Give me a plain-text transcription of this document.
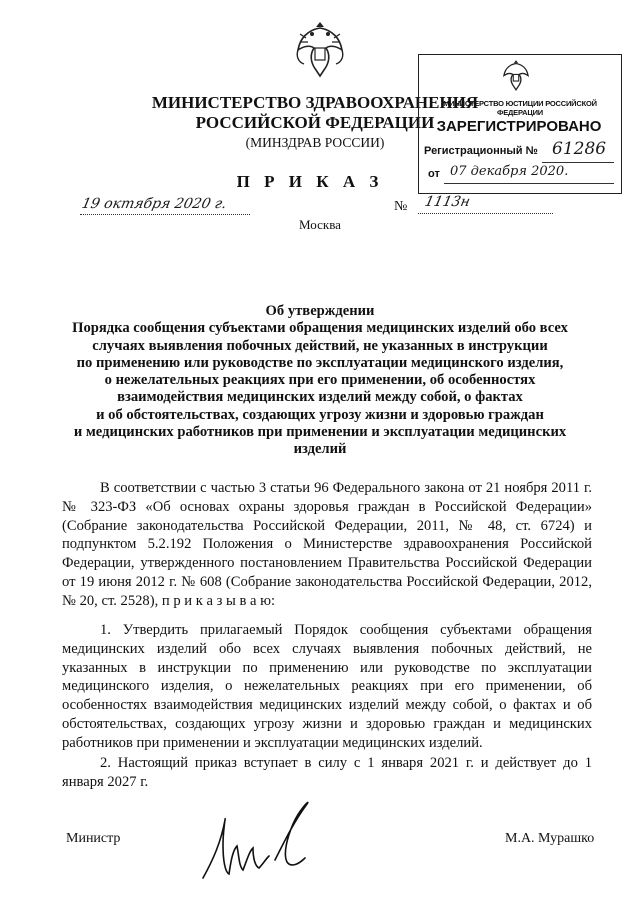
МИНИСТЕРСТВО ЗДРАВООХРАНЕНИЯ
РОССИЙСКОЙ ФЕДЕРАЦИИ
(МИНЗДРАВ РОССИИ)
П Р И К А З
19 октября 2020 г.	№ 1113н
Москва
МИНИСТЕРСТВО ЮСТИЦИИ РОССИЙСКОЙ ФЕДЕРАЦИИ
ЗАРЕГИСТРИРОВАНО
Регистрационный № 61286
от 07 декабря 2020.
Об утверждении
Порядка сообщения субъектами обращения медицинских изделий обо всех
случаях выявления побочных действий, не указанных в инструкции
по применению или руководстве по эксплуатации медицинского изделия,
о нежелательных реакциях при его применении, об особенностях
взаимодействия медицинских изделий между собой, о фактах
и об обстоятельствах, создающих угрозу жизни и здоровью граждан
и медицинских работников при применении и эксплуатации медицинских
изделий

В соответствии с частью 3 статьи 96 Федерального закона от 21 ноября 2011 г. № 323-ФЗ «Об основах охраны здоровья граждан в Российской Федерации» (Собрание законодательства Российской Федерации, 2011, № 48, ст. 6724) и подпунктом 5.2.192 Положения о Министерстве здравоохранения Российской Федерации, утвержденного постановлением Правительства Российской Федерации от 19 июня 2012 г. № 608 (Собрание законодательства Российской Федерации, 2012, № 20, ст. 2528), п р и к а з ы в а ю:

1. Утвердить прилагаемый Порядок сообщения субъектами обращения медицинских изделий обо всех случаях выявления побочных действий, не указанных в инструкции по применению или руководстве по эксплуатации медицинского изделия, о нежелательных реакциях при его применении, об особенностях взаимодействия медицинских изделий между собой, о фактах и об обстоятельствах, создающих угрозу жизни и здоровью граждан и медицинских работников при применении и эксплуатации медицинских изделий.

2. Настоящий приказ вступает в силу с 1 января 2021 г. и действует до 1 января 2027 г.

Министр	М.А. Мурашко
